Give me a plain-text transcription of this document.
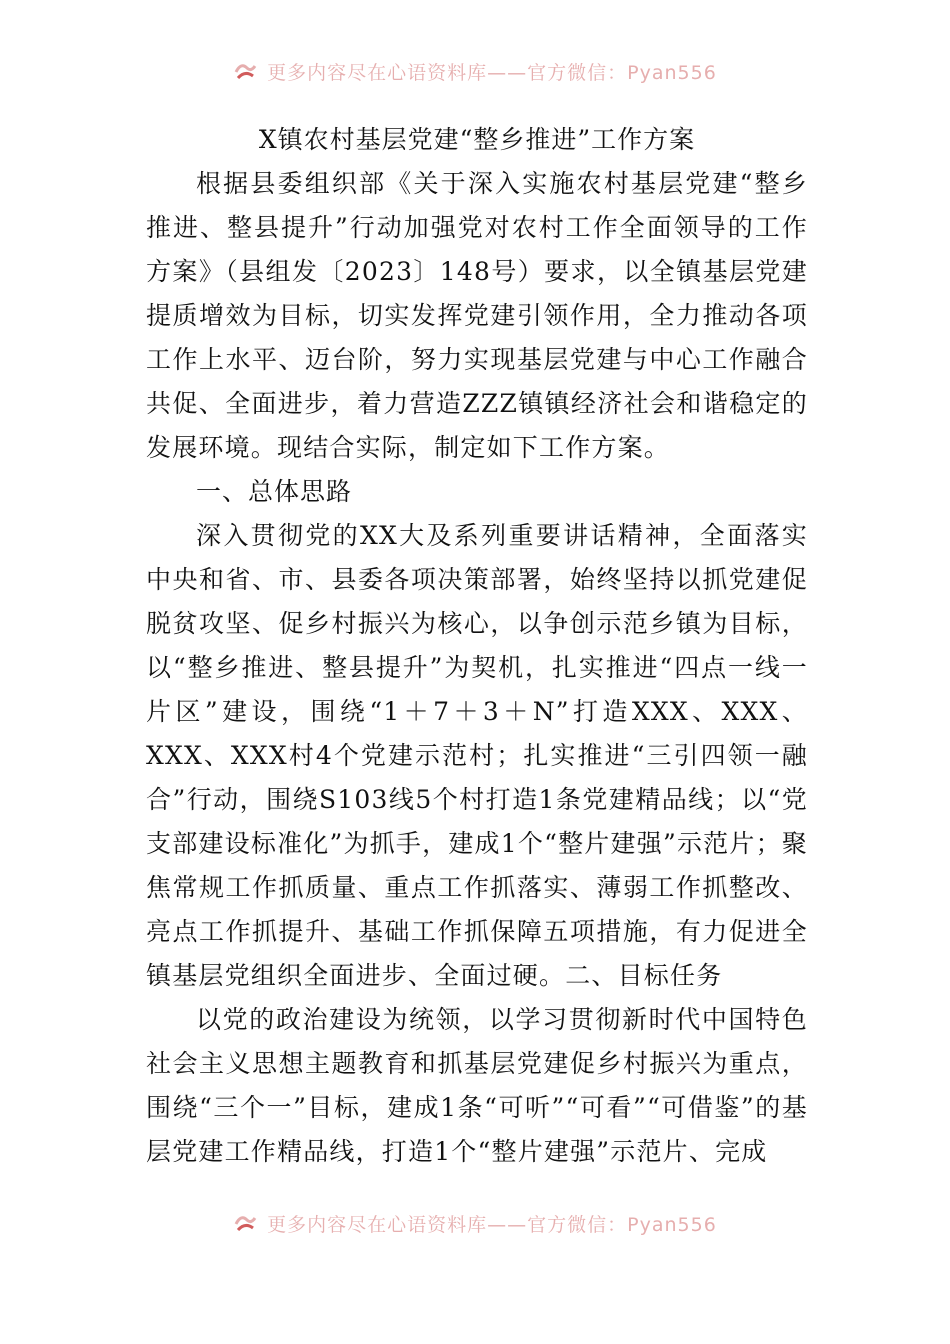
更多内容尽在心语资料库——官方微信：Pyan556
X镇农村基层党建“整乡推进”工作方案

根据县委组织部《关于深入实施农村基层党建“整乡推进、整县提升”行动加强党对农村工作全面领导的工作方案》（县组发〔2023〕148号）要求，以全镇基层党建提质增效为目标，切实发挥党建引领作用，全力推动各项工作上水平、迈台阶，努力实现基层党建与中心工作融合共促、全面进步，着力营造ZZZ镇镇经济社会和谐稳定的发展环境。现结合实际，制定如下工作方案。

一、总体思路

深入贯彻党的XX大及系列重要讲话精神，全面落实中央和省、市、县委各项决策部署，始终坚持以抓党建促脱贫攻坚、促乡村振兴为核心，以争创示范乡镇为目标，以“整乡推进、整县提升”为契机，扎实推进“四点一线一片区”建设，围绕“1＋7＋3＋N”打造XXX、XXX、XXX、XXX村4个党建示范村；扎实推进“三引四领一融合”行动，围绕S103线5个村打造1条党建精品线；以“党支部建设标准化”为抓手，建成1个“整片建强”示范片；聚焦常规工作抓质量、重点工作抓落实、薄弱工作抓整改、亮点工作抓提升、基础工作抓保障五项措施，有力促进全镇基层党组织全面进步、全面过硬。二、目标任务

以党的政治建设为统领，以学习贯彻新时代中国特色社会主义思想主题教育和抓基层党建促乡村振兴为重点，围绕“三个一”目标，建成1条“可听”“可看”“可借鉴”的基层党建工作精品线，打造1个“整片建强”示范片、完成

更多内容尽在心语资料库——官方微信：Pyan556
